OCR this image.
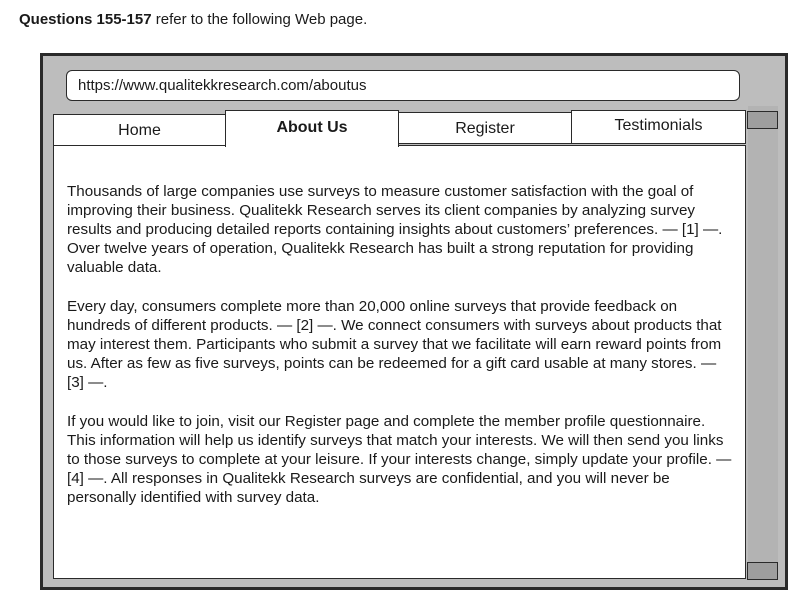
Questions 155-157 refer to the following Web page.
https://www.qualitekkresearch.com/aboutus
Home	About Us	Register	Testimonials

Thousands of large companies use surveys to measure customer satisfaction with the goal of improving their business. Qualitekk Research serves its client companies by analyzing survey results and producing detailed reports containing insights about customers’ preferences. — [1] —. Over twelve years of operation, Qualitekk Research has built a strong reputation for providing valuable data.

Every day, consumers complete more than 20,000 online surveys that provide feedback on hundreds of different products. — [2] —. We connect consumers with surveys about products that may interest them. Participants who submit a survey that we facilitate will earn reward points from us. After as few as five surveys, points can be redeemed for a gift card usable at many stores. — [3] —.

If you would like to join, visit our Register page and complete the member profile questionnaire. This information will help us identify surveys that match your interests. We will then send you links to those surveys to complete at your leisure. If your interests change, simply update your profile. — [4] —. All responses in Qualitekk Research surveys are confidential, and you will never be personally identified with survey data.
